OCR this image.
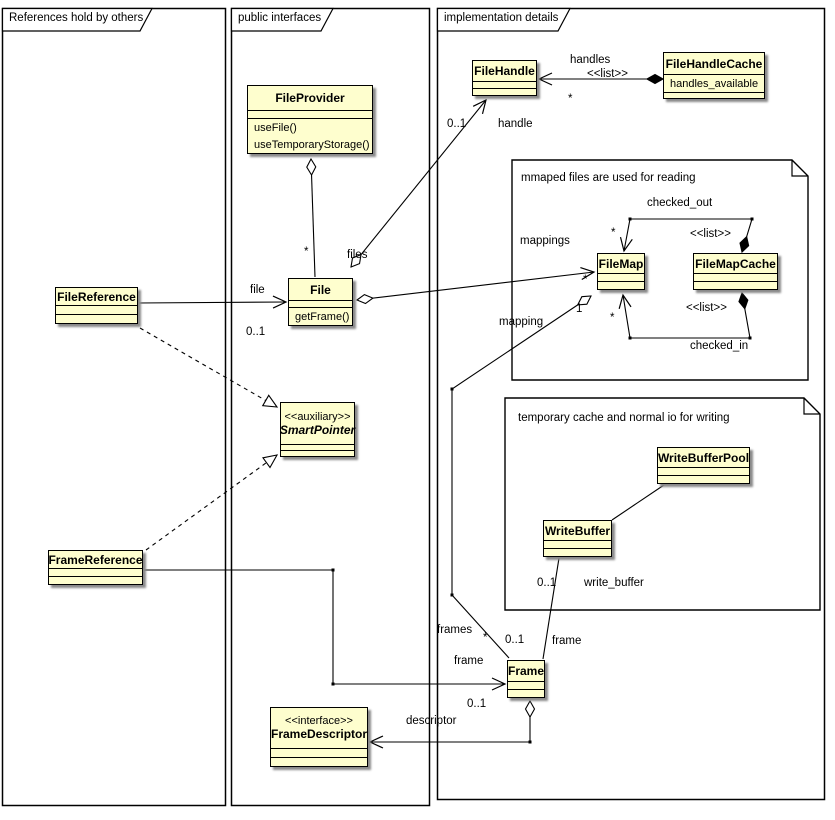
References hold by others	public interfaces	implementation details
mmaped files are used for reading
temporary cache and normal io for writing
FileProvider
useFile()
useTemporaryStorage()
File
getFrame()
FileReference
FileHandle
FileHandleCache
handles_available
FileMap	FileMapCache
<<auxiliary>>
SmartPointer
FrameReference
WriteBufferPool
WriteBuffer
Frame
<<interface>>
FrameDescriptor
handles
<<list>>
*
0..1	handle
files
*
file
0..1
mappings
*
1
mapping
frames
*
checked_out
<<list>>
*
checked_in
<<list>>
*
0..1 write_buffer
0..1 frame
frame
0..1
descriptor
